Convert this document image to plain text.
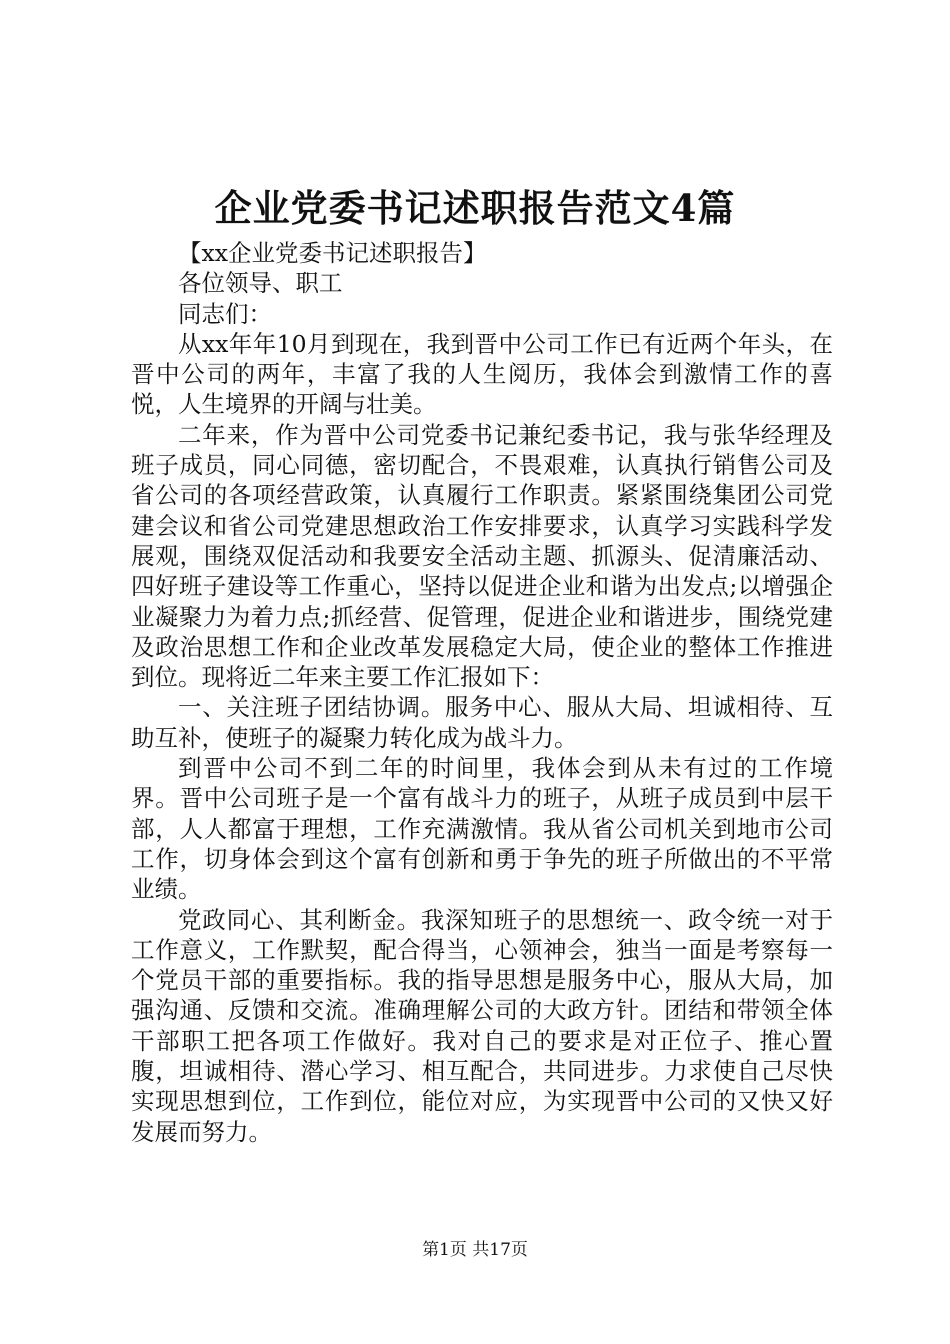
企业党委书记述职报告范文4篇

【xx企业党委书记述职报告】

各位领导、职工

同志们：

从xx年年10月到现在，我到晋中公司工作已有近两个年头，在晋中公司的两年，丰富了我的人生阅历，我体会到激情工作的喜悦，人生境界的开阔与壮美。

二年来，作为晋中公司党委书记兼纪委书记，我与张华经理及班子成员，同心同德，密切配合，不畏艰难，认真执行销售公司及省公司的各项经营政策，认真履行工作职责。紧紧围绕集团公司党建会议和省公司党建思想政治工作安排要求，认真学习实践科学发展观，围绕双促活动和我要安全活动主题、抓源头、促清廉活动、四好班子建设等工作重心，坚持以促进企业和谐为出发点;以增强企业凝聚力为着力点;抓经营、促管理，促进企业和谐进步，围绕党建及政治思想工作和企业改革发展稳定大局，使企业的整体工作推进到位。现将近二年来主要工作汇报如下：

一、关注班子团结协调。服务中心、服从大局、坦诚相待、互助互补，使班子的凝聚力转化成为战斗力。

到晋中公司不到二年的时间里，我体会到从未有过的工作境界。晋中公司班子是一个富有战斗力的班子，从班子成员到中层干部，人人都富于理想，工作充满激情。我从省公司机关到地市公司工作，切身体会到这个富有创新和勇于争先的班子所做出的不平常业绩。

党政同心、其利断金。我深知班子的思想统一、政令统一对于工作意义，工作默契，配合得当，心领神会，独当一面是考察每一个党员干部的重要指标。我的指导思想是服务中心，服从大局，加强沟通、反馈和交流。准确理解公司的大政方针。团结和带领全体干部职工把各项工作做好。我对自己的要求是对正位子、推心置腹，坦诚相待、潜心学习、相互配合，共同进步。力求使自己尽快实现思想到位，工作到位，能位对应，为实现晋中公司的又快又好发展而努力。

第1页 共17页
